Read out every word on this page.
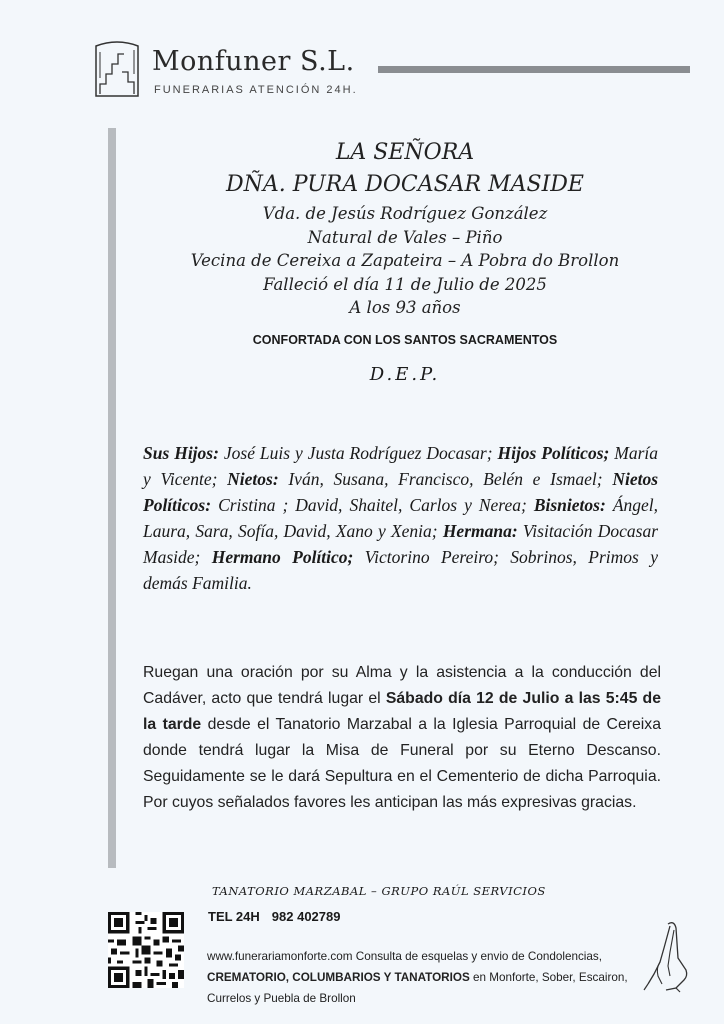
Monfuner S.L.
FUNERARIAS ATENCIÓN 24H.
LA SEÑORA
DÑA. PURA DOCASAR MASIDE
Vda. de Jesús Rodríguez González
Natural de Vales – Piño
Vecina de Cereixa a Zapateira – A Pobra do Brollon
Falleció el día 11 de Julio de 2025
A los 93 años
CONFORTADA CON LOS SANTOS SACRAMENTOS
D.E.P.
Sus Hijos: José Luis y Justa Rodríguez Docasar; Hijos Políticos; María y Vicente; Nietos: Iván, Susana, Francisco, Belén e Ismael; Nietos Políticos: Cristina ; David, Shaitel, Carlos y Nerea; Bisnietos: Ángel, Laura, Sara, Sofía, David, Xano y Xenia; Hermana: Visitación Docasar Maside; Hermano Político; Victorino Pereiro; Sobrinos, Primos y demás Familia.
Ruegan una oración por su Alma y la asistencia a la conducción del Cadáver, acto que tendrá lugar el Sábado día 12 de Julio a las 5:45 de la tarde desde el Tanatorio Marzabal a la Iglesia Parroquial de Cereixa donde tendrá lugar la Misa de Funeral por su Eterno Descanso. Seguidamente se le dará Sepultura en el Cementerio de dicha Parroquia. Por cuyos señalados favores les anticipan las más expresivas gracias.
TANATORIO MARZABAL – GRUPO RAÚL SERVICIOS
TEL 24H 982 402789
www.funerariamonforte.com Consulta de esquelas y envio de Condolencias, CREMATORIO, COLUMBARIOS Y TANATORIOS en Monforte, Sober, Escairon, Currelos y Puebla de Brollon
